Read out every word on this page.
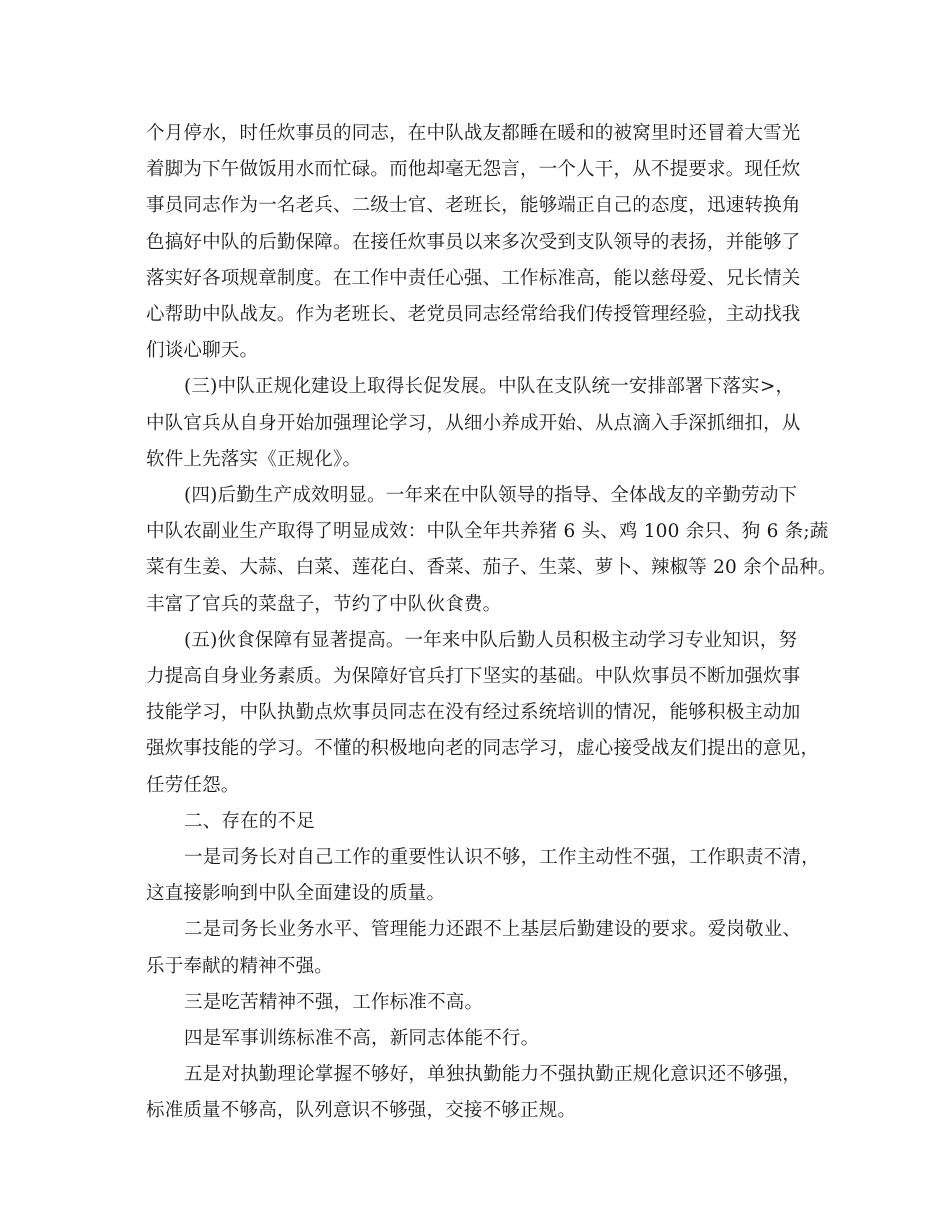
个月停水，时任炊事员的同志，在中队战友都睡在暖和的被窝里时还冒着大雪光
着脚为下午做饭用水而忙碌。而他却毫无怨言，一个人干，从不提要求。现任炊
事员同志作为一名老兵、二级士官、老班长，能够端正自己的态度，迅速转换角
色搞好中队的后勤保障。在接任炊事员以来多次受到支队领导的表扬，并能够了
落实好各项规章制度。在工作中责任心强、工作标准高，能以慈母爱、兄长情关
心帮助中队战友。作为老班长、老党员同志经常给我们传授管理经验，主动找我
们谈心聊天。
(三)中队正规化建设上取得长促发展。中队在支队统一安排部署下落实>，
中队官兵从自身开始加强理论学习，从细小养成开始、从点滴入手深抓细扣，从
软件上先落实《正规化》。
(四)后勤生产成效明显。一年来在中队领导的指导、全体战友的辛勤劳动下
中队农副业生产取得了明显成效：中队全年共养猪 6 头、鸡 100 余只、狗 6 条;蔬
菜有生姜、大蒜、白菜、莲花白、香菜、茄子、生菜、萝卜、辣椒等 20 余个品种。
丰富了官兵的菜盘子，节约了中队伙食费。
(五)伙食保障有显著提高。一年来中队后勤人员积极主动学习专业知识，努
力提高自身业务素质。为保障好官兵打下坚实的基础。中队炊事员不断加强炊事
技能学习，中队执勤点炊事员同志在没有经过系统培训的情况，能够积极主动加
强炊事技能的学习。不懂的积极地向老的同志学习，虚心接受战友们提出的意见，
任劳任怨。
二、存在的不足
一是司务长对自己工作的重要性认识不够，工作主动性不强，工作职责不清，
这直接影响到中队全面建设的质量。
二是司务长业务水平、管理能力还跟不上基层后勤建设的要求。爱岗敬业、
乐于奉献的精神不强。
三是吃苦精神不强，工作标准不高。
四是军事训练标准不高，新同志体能不行。
五是对执勤理论掌握不够好，单独执勤能力不强执勤正规化意识还不够强，
标准质量不够高，队列意识不够强，交接不够正规。
